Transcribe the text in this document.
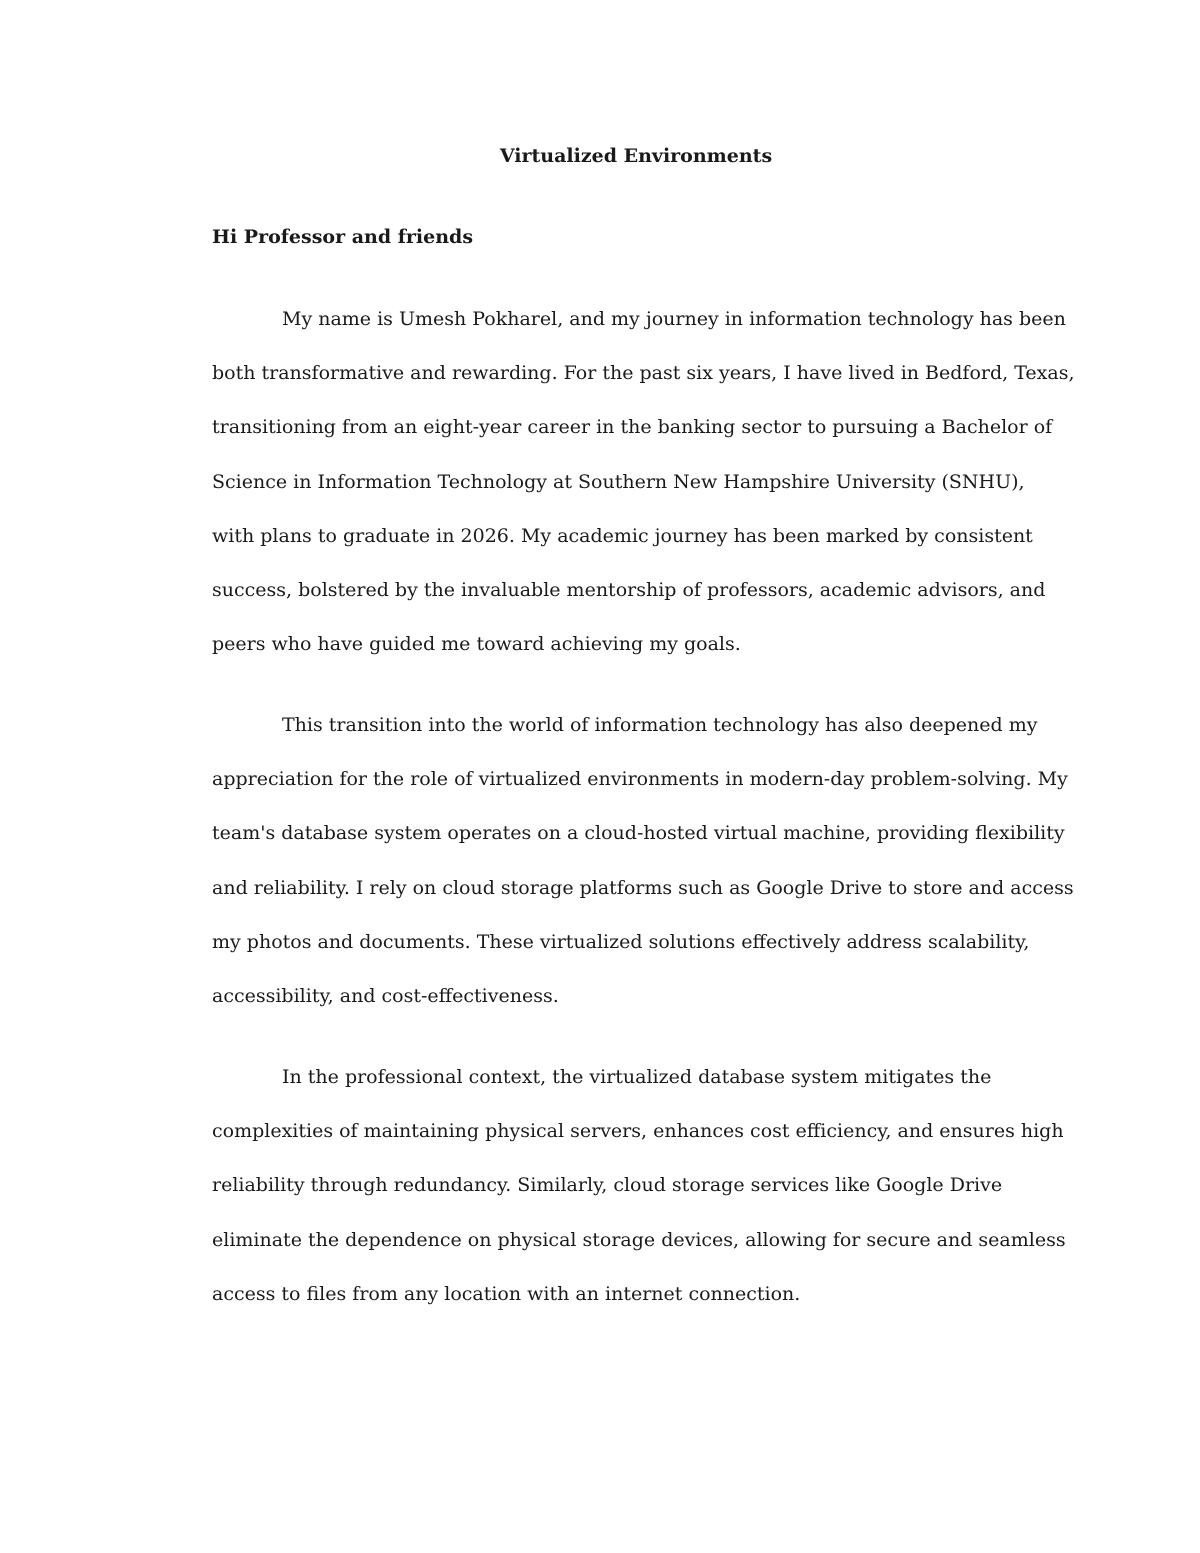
Virtualized Environments
Hi Professor and friends
My name is Umesh Pokharel, and my journey in information technology has been
both transformative and rewarding. For the past six years, I have lived in Bedford, Texas,
transitioning from an eight-year career in the banking sector to pursuing a Bachelor of
Science in Information Technology at Southern New Hampshire University (SNHU),
with plans to graduate in 2026. My academic journey has been marked by consistent
success, bolstered by the invaluable mentorship of professors, academic advisors, and
peers who have guided me toward achieving my goals.
This transition into the world of information technology has also deepened my
appreciation for the role of virtualized environments in modern-day problem-solving. My
team's database system operates on a cloud-hosted virtual machine, providing flexibility
and reliability. I rely on cloud storage platforms such as Google Drive to store and access
my photos and documents. These virtualized solutions effectively address scalability,
accessibility, and cost-effectiveness.
In the professional context, the virtualized database system mitigates the
complexities of maintaining physical servers, enhances cost efficiency, and ensures high
reliability through redundancy. Similarly, cloud storage services like Google Drive
eliminate the dependence on physical storage devices, allowing for secure and seamless
access to files from any location with an internet connection.
